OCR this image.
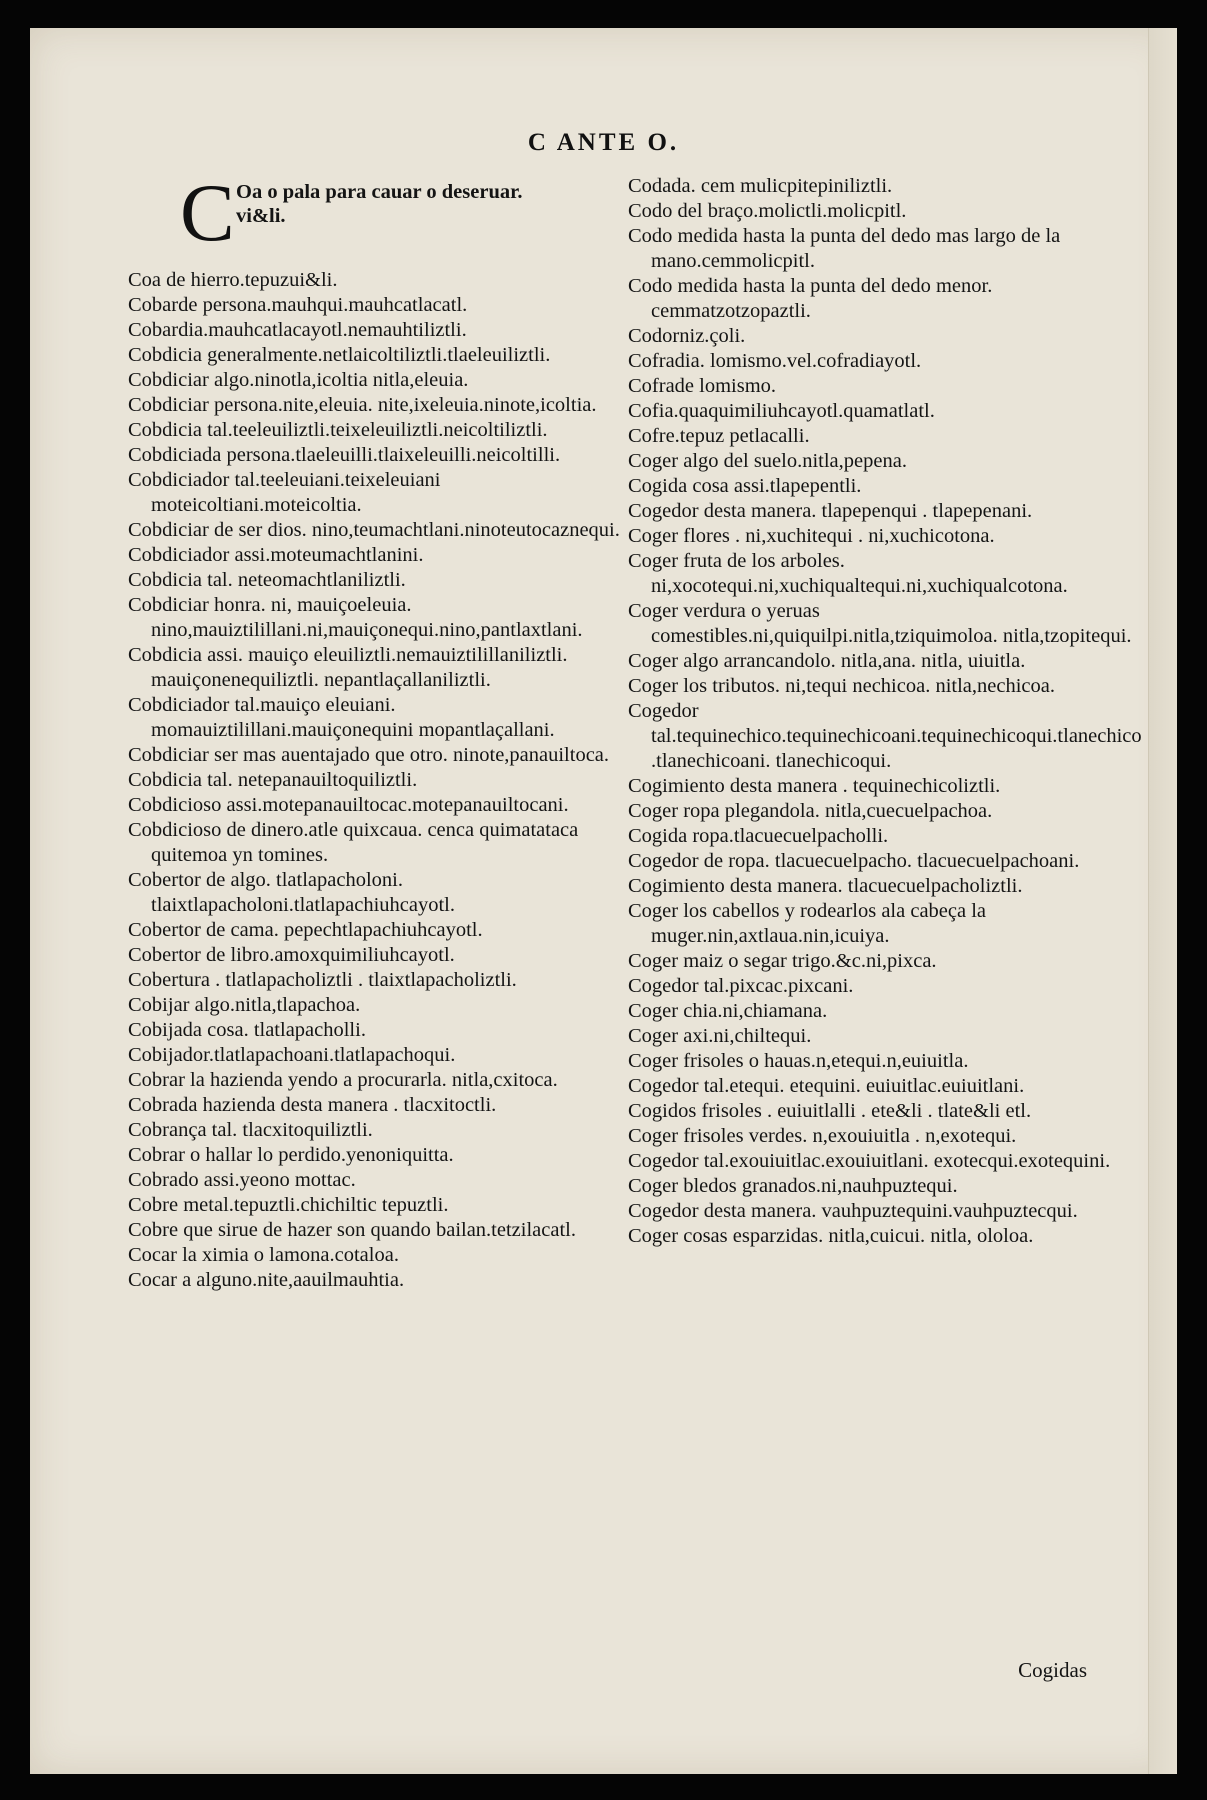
C ANTE O.
C Oa o pala para cauar o deseruar.
vi&li.

Coa de hierro.tepuzui&li.

Cobarde persona.mauhqui.mauhcatlacatl.

Cobardia.mauhcatlacayotl.nemauhtiliztli.

Cobdicia generalmente.netlaicoltiliztli.tlaeleuiliztli.

Cobdiciar algo.ninotla,icoltia nitla,eleuia.

Cobdiciar persona.nite,eleuia. nite,ixeleuia.ninote,icoltia.

Cobdicia tal.teeleuiliztli.teixeleuiliztli.neicoltiliztli.

Cobdiciada persona.tlaeleuilli.tlaixeleuilli.neicoltilli.

Cobdiciador tal.teeleuiani.teixeleuiani moteicoltiani.moteicoltia.

Cobdiciar de ser dios. nino,teumachtlani.ninoteutocaznequi.

Cobdiciador assi.moteumachtlanini.

Cobdicia tal. neteomachtlaniliztli.

Cobdiciar honra. ni, mauiçoeleuia. nino,mauiztilillani.ni,mauiçonequi.nino,pantlaxtlani.

Cobdicia assi. mauiço eleuiliztli.nemauiztilillaniliztli. mauiçonenequiliztli. nepantlaçallaniliztli.

Cobdiciador tal.mauiço eleuiani. momauiztilillani.mauiçonequini mopantlaçallani.

Cobdiciar ser mas auentajado que otro. ninote,panauiltoca.

Cobdicia tal. netepanauiltoquiliztli.

Cobdicioso assi.motepanauiltocac.motepanauiltocani.

Cobdicioso de dinero.atle quixcaua. cenca quimatataca quitemoa yn tomines.

Cobertor de algo. tlatlapacholoni. tlaixtlapacholoni.tlatlapachiuhcayotl.

Cobertor de cama. pepechtlapachiuhcayotl.

Cobertor de libro.amoxquimiliuhcayotl.

Cobertura . tlatlapacholiztli . tlaixtlapacholiztli.

Cobijar algo.nitla,tlapachoa.

Cobijada cosa. tlatlapacholli.

Cobijador.tlatlapachoani.tlatlapachoqui.

Cobrar la hazienda yendo a procurarla. nitla,cxitoca.

Cobrada hazienda desta manera . tlacxitoctli.

Cobrança tal. tlacxitoquiliztli.

Cobrar o hallar lo perdido.yenoniquitta.

Cobrado assi.yeono mottac.

Cobre metal.tepuztli.chichiltic tepuztli.

Cobre que sirue de hazer son quando bailan.tetzilacatl.

Cocar la ximia o lamona.cotaloa.

Cocar a alguno.nite,aauilmauhtia.

Codada. cem mulicpitepiniliztli.

Codo del braço.molictli.molicpitl.

Codo medida hasta la punta del dedo mas largo de la mano.cemmolicpitl.

Codo medida hasta la punta del dedo menor. cemmatzotzopaztli.

Codorniz.çoli.

Cofradia. lomismo.vel.cofradiayotl.

Cofrade lomismo.

Cofia.quaquimiliuhcayotl.quamatlatl.

Cofre.tepuz petlacalli.

Coger algo del suelo.nitla,pepena.

Cogida cosa assi.tlapepentli.

Cogedor desta manera. tlapepenqui . tlapepenani.

Coger flores . ni,xuchitequi . ni,xuchicotona.

Coger fruta de los arboles. ni,xocotequi.ni,xuchiqualtequi.ni,xuchiqualcotona.

Coger verdura o yeruas comestibles.ni,quiquilpi.nitla,tziquimoloa. nitla,tzopitequi.

Coger algo arrancandolo. nitla,ana. nitla, uiuitla.

Coger los tributos. ni,tequi nechicoa. nitla,nechicoa.

Cogedor tal.tequinechico.tequinechicoani.tequinechicoqui.tlanechico .tlanechicoani. tlanechicoqui.

Cogimiento desta manera . tequinechicoliztli.

Coger ropa plegandola. nitla,cuecuelpachoa.

Cogida ropa.tlacuecuelpacholli.

Cogedor de ropa. tlacuecuelpacho. tlacuecuelpachoani.

Cogimiento desta manera. tlacuecuelpacholiztli.

Coger los cabellos y rodearlos ala cabeça la muger.nin,axtlaua.nin,icuiya.

Coger maiz o segar trigo.&c.ni,pixca.

Cogedor tal.pixcac.pixcani.

Coger chia.ni,chiamana.

Coger axi.ni,chiltequi.

Coger frisoles o hauas.n,etequi.n,euiuitla.

Cogedor tal.etequi. etequini. euiuitlac.euiuitlani.

Cogidos frisoles . euiuitlalli . ete&li . tlate&li etl.

Coger frisoles verdes. n,exouiuitla . n,exotequi.

Cogedor tal.exouiuitlac.exouiuitlani. exotecqui.exotequini.

Coger bledos granados.ni,nauhpuztequi.

Cogedor desta manera. vauhpuztequini.vauhpuztecqui.

Coger cosas esparzidas. nitla,cuicui. nitla, ololoa.

Cogidas
